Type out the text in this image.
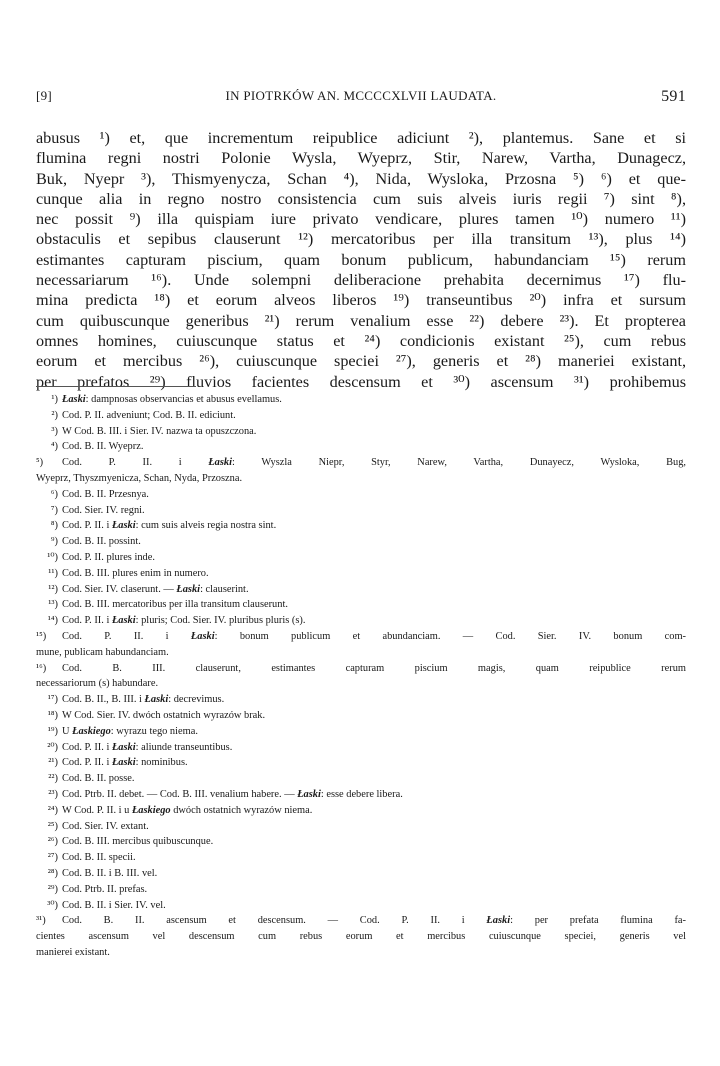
[9]	IN PIOTRKÓW AN. MCCCCXLVII LAUDATA.	591
abusus ¹) et, que incrementum reipublice adiciunt ²), plantemus. Sane et si
flumina regni nostri Polonie Wysla, Wyeprz, Stir, Narew, Vartha, Dunagecz,
Buk, Nyepr ³), Thismyenycza, Schan ⁴), Nida, Wysloka, Przosna ⁵) ⁶) et que-
cunque alia in regno nostro consistencia cum suis alveis iuris regii ⁷) sint ⁸),
nec possit ⁹) illa quispiam iure privato vendicare, plures tamen ¹⁰) numero ¹¹)
obstaculis et sepibus clauserunt ¹²) mercatoribus per illa transitum ¹³), plus ¹⁴)
estimantes capturam piscium, quam bonum publicum, habundanciam ¹⁵) rerum
necessariarum ¹⁶). Unde solempni deliberacione prehabita decernimus ¹⁷) flu-
mina predicta ¹⁸) et eorum alveos liberos ¹⁹) transeuntibus ²⁰) infra et sursum
cum quibuscunque generibus ²¹) rerum venalium esse ²²) debere ²³). Et propterea
omnes homines, cuiuscunque status et ²⁴) condicionis existant ²⁵), cum rebus
eorum et mercibus ²⁶), cuiuscunque speciei ²⁷), generis et ²⁸) maneriei existant,
per prefatos ²⁹) fluvios facientes descensum et ³⁰) ascensum ³¹) prohibemus
¹) Łaski: dampnosas observancias et abusus evellamus.
²) Cod. P. II. adveniunt; Cod. B. II. ediciunt.
³) W Cod. B. III. i Sier. IV. nazwa ta opuszczona.
⁴) Cod. B. II. Wyeprz.
⁵) Cod. P. II. i Łaski: Wyszla Niepr, Styr, Narew, Vartha, Dunayecz, Wysloka, Bug,
Wyeprz, Thyszmyenicza, Schan, Nyda, Przoszna.
⁶) Cod. B. II. Przesnya.
⁷) Cod. Sier. IV. regni.
⁸) Cod. P. II. i Łaski: cum suis alveis regia nostra sint.
⁹) Cod. B. II. possint.
¹⁰) Cod. P. II. plures inde.
¹¹) Cod. B. III. plures enim in numero.
¹²) Cod. Sier. IV. claserunt. — Łaski: clauserint.
¹³) Cod. B. III. mercatoribus per illa transitum clauserunt.
¹⁴) Cod. P. II. i Łaski: pluris; Cod. Sier. IV. pluribus pluris (s).
¹⁵) Cod. P. II. i Łaski: bonum publicum et abundanciam. — Cod. Sier. IV. bonum com-
mune, publicam habundanciam.
¹⁶) Cod. B. III. clauserunt, estimantes capturam piscium magis, quam reipublice rerum
necessariorum (s) habundare.
¹⁷) Cod. B. II., B. III. i Łaski: decrevimus.
¹⁸) W Cod. Sier. IV. dwóch ostatnich wyrazów brak.
¹⁹) U Łaskiego: wyrazu tego niema.
²⁰) Cod. P. II. i Łaski: aliunde transeuntibus.
²¹) Cod. P. II. i Łaski: nominibus.
²²) Cod. B. II. posse.
²³) Cod. Ptrb. II. debet. — Cod. B. III. venalium habere. — Łaski: esse debere libera.
²⁴) W Cod. P. II. i u Łaskiego dwóch ostatnich wyrazów niema.
²⁵) Cod. Sier. IV. extant.
²⁶) Cod. B. III. mercibus quibuscunque.
²⁷) Cod. B. II. specii.
²⁸) Cod. B. II. i B. III. vel.
²⁹) Cod. Ptrb. II. prefas.
³⁰) Cod. B. II. i Sier. IV. vel.
³¹) Cod. B. II. ascensum et descensum. — Cod. P. II. i Łaski: per prefata flumina fa-
cientes ascensum vel descensum cum rebus eorum et mercibus cuiuscunque speciei, generis vel
manierei existant.
